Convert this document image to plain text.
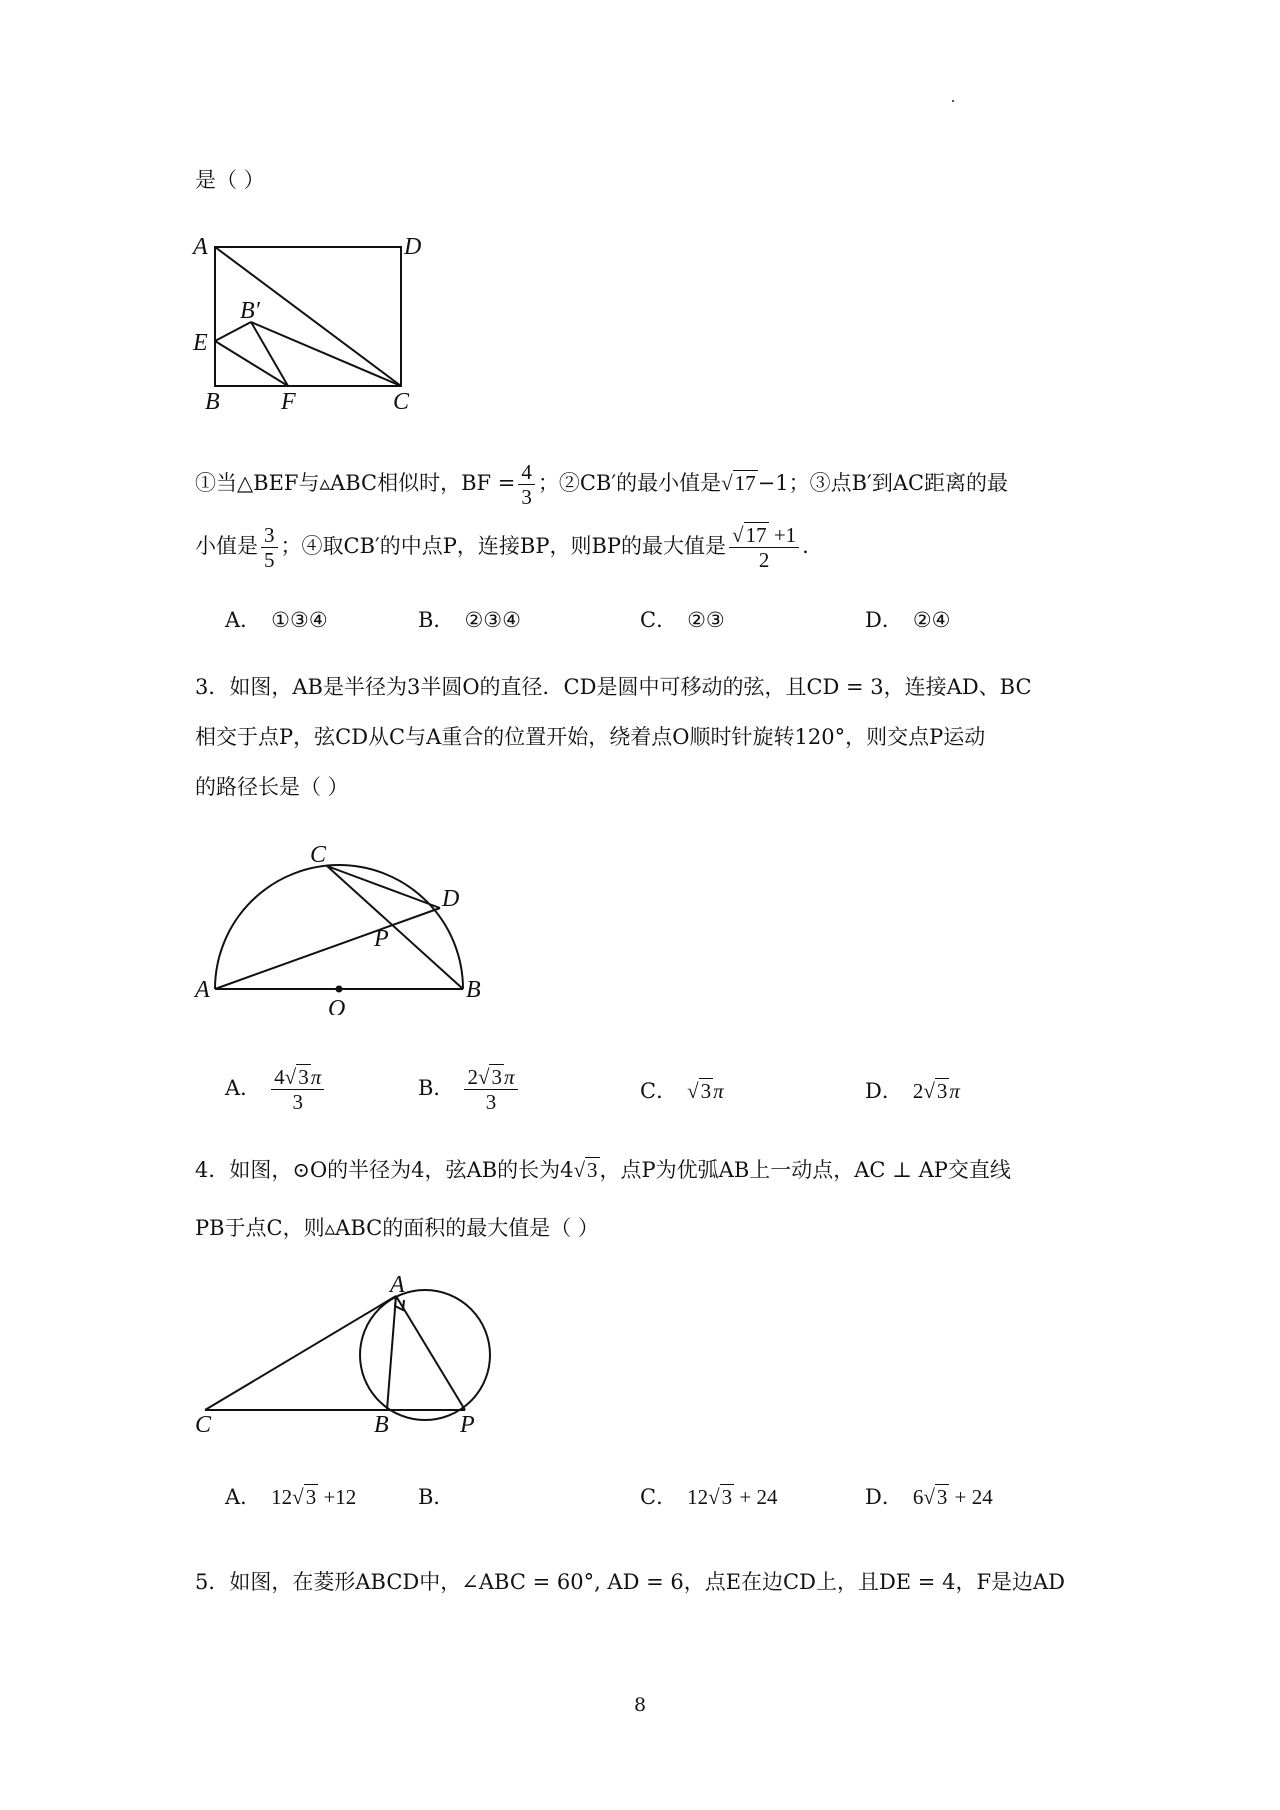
是（ ）
A	D
B′
E
B	F	C
①当△BEF与▵ABC相似时，BF = $\frac{4}{3}$ ；②CB′的最小值是√17−1；③点B′到AC距离的最
小值是 $\frac{3}{5}$ ；④取CB′的中点P，连接BP，则BP的最大值是 $\frac{√17 +1}{2}$ .
A． ①③④	B． ②③④	C． ②③	D． ②④
3．如图，AB是半径为3半圆O的直径．CD是圆中可移动的弦，且CD = 3，连接AD、BC
相交于点P，弦CD从C与A重合的位置开始，绕着点O顺时针旋转120°，则交点P运动
的路径长是（ ）
C
D
P
A
O
B
A． $\frac{4√3\pi}{3}$	B． $\frac{2√3\pi}{3}$	C． √3π	D． 2√3π
4．如图，⊙O的半径为4，弦AB的长为4√3，点P为优弧AB上一动点，AC ⊥ AP交直线
PB于点C，则▵ABC的面积的最大值是（ ）
A
C	B	P
A． 12√3 +12	B．	C． 12√3 + 24	D． 6√3 + 24
5．如图，在菱形ABCD中，∠ABC = 60°, AD = 6，点E在边CD上，且DE = 4，F是边AD
8
